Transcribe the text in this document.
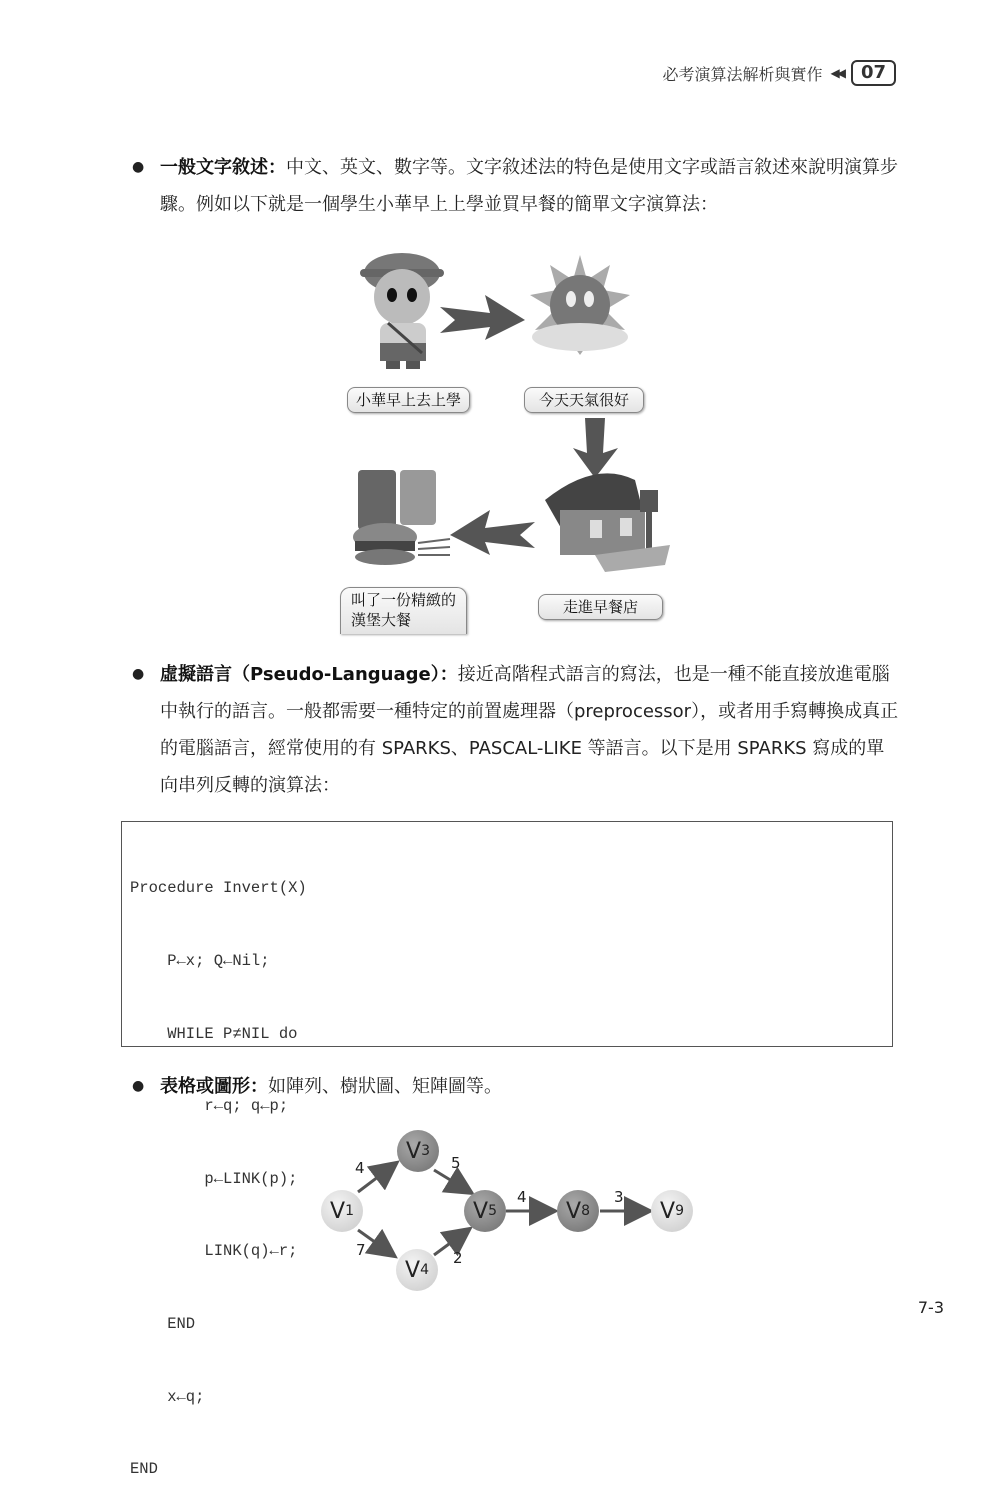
必考演算法解析與實作 ◀◀	07
● 一般文字敘述：中文、英文、數字等。文字敘述法的特色是使用文字或語言敘述來說明演算步驟。例如以下就是一個學生小華早上上學並買早餐的簡單文字演算法：
小華早上去上學	今天天氣很好
叫了一份精緻的
漢堡大餐
走進早餐店
● 虛擬語言（Pseudo-Language）：接近高階程式語言的寫法，也是一種不能直接放進電腦中執行的語言。一般都需要一種特定的前置處理器（preprocessor），或者用手寫轉換成真正的電腦語言，經常使用的有 SPARKS、PASCAL-LIKE 等語言。以下是用 SPARKS 寫成的單向串列反轉的演算法：

Procedure Invert(X)

P←x; Q←Nil;

WHILE P≠NIL do

r←q; q←p;

p←LINK(p);

LINK(q)←r;

END

x←q;

END

● 表格或圖形：如陣列、樹狀圖、矩陣圖等。
4
7
5
2
4	3
V 1
V 3
V 4
V 5	V 8	V 9
7-3
